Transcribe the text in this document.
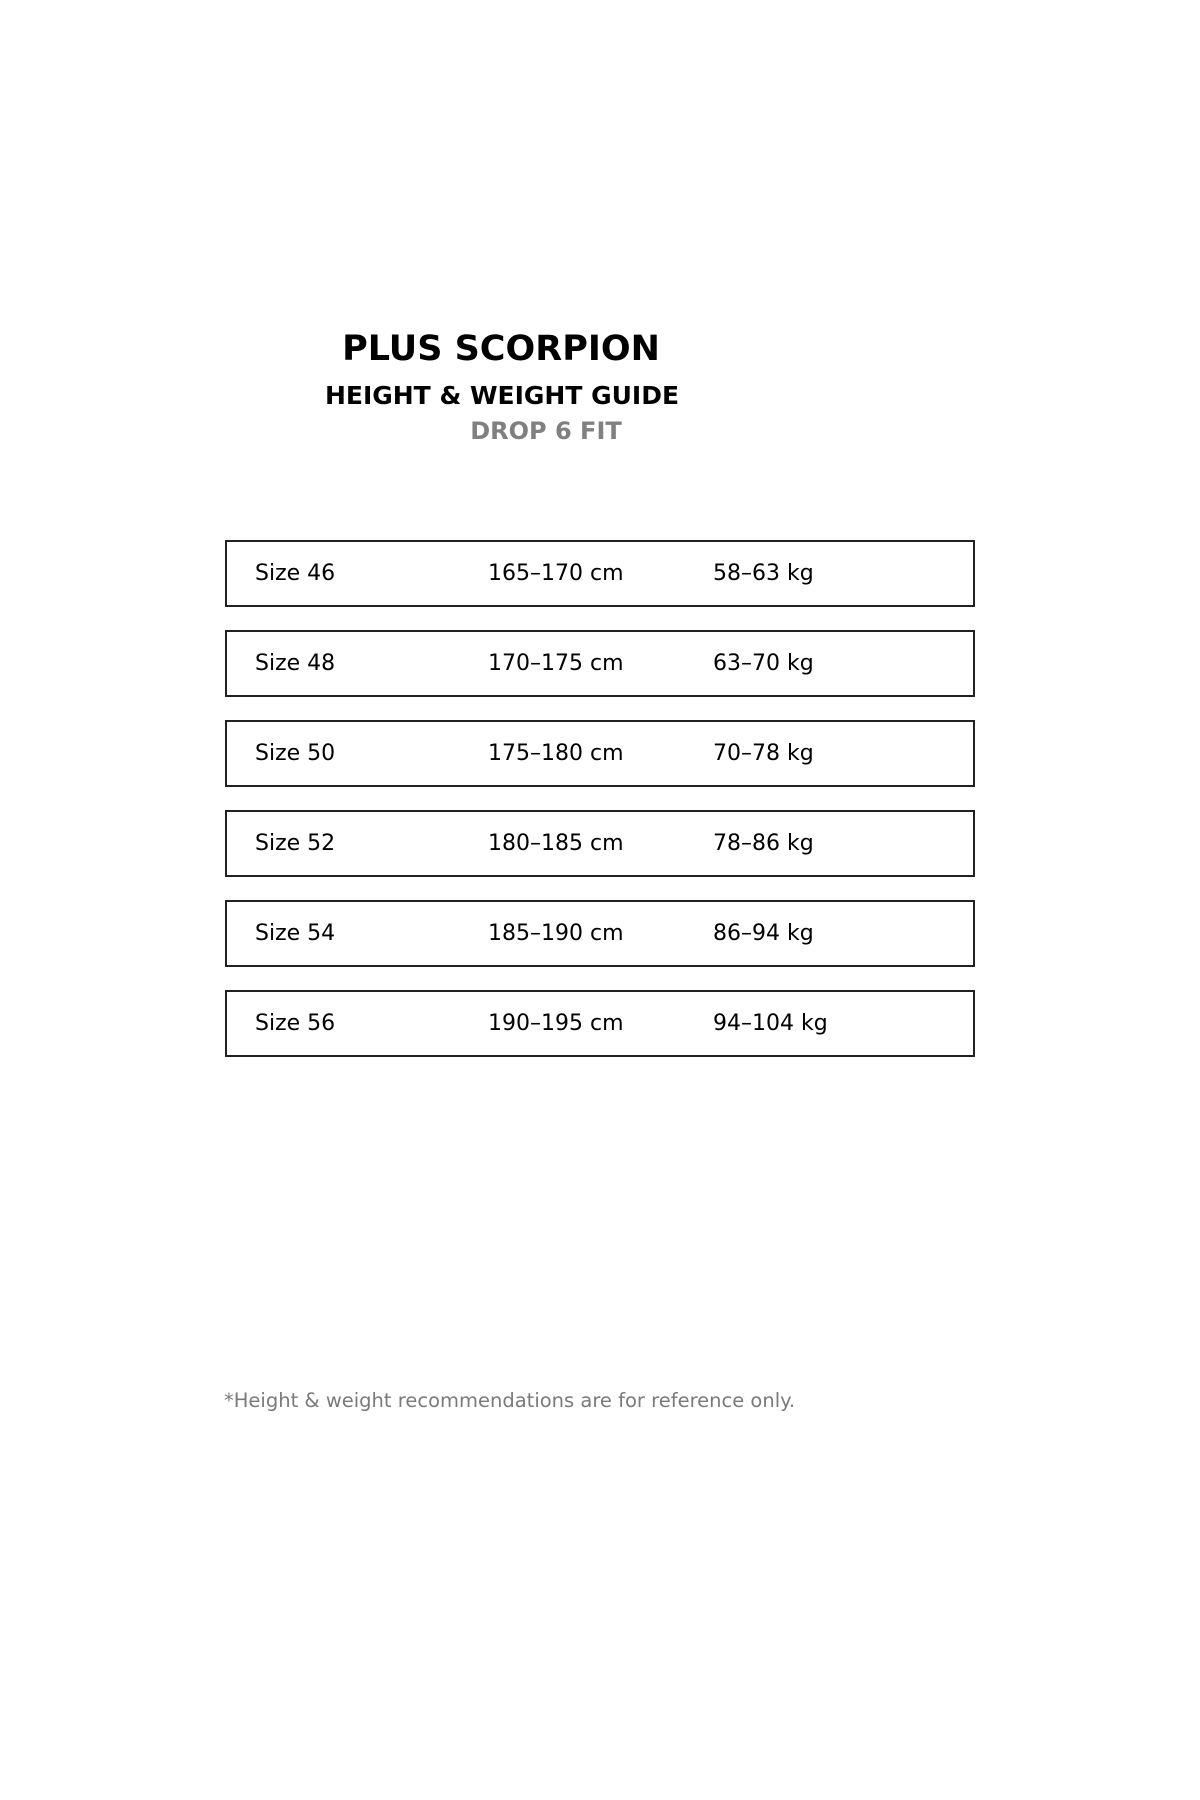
PLUS SCORPION
HEIGHT & WEIGHT GUIDE
DROP 6 FIT
Size 46	165–170 cm	58–63 kg
Size 48	170–175 cm	63–70 kg
Size 50	175–180 cm	70–78 kg
Size 52	180–185 cm	78–86 kg
Size 54	185–190 cm	86–94 kg
Size 56	190–195 cm	94–104 kg
*Height & weight recommendations are for reference only.
